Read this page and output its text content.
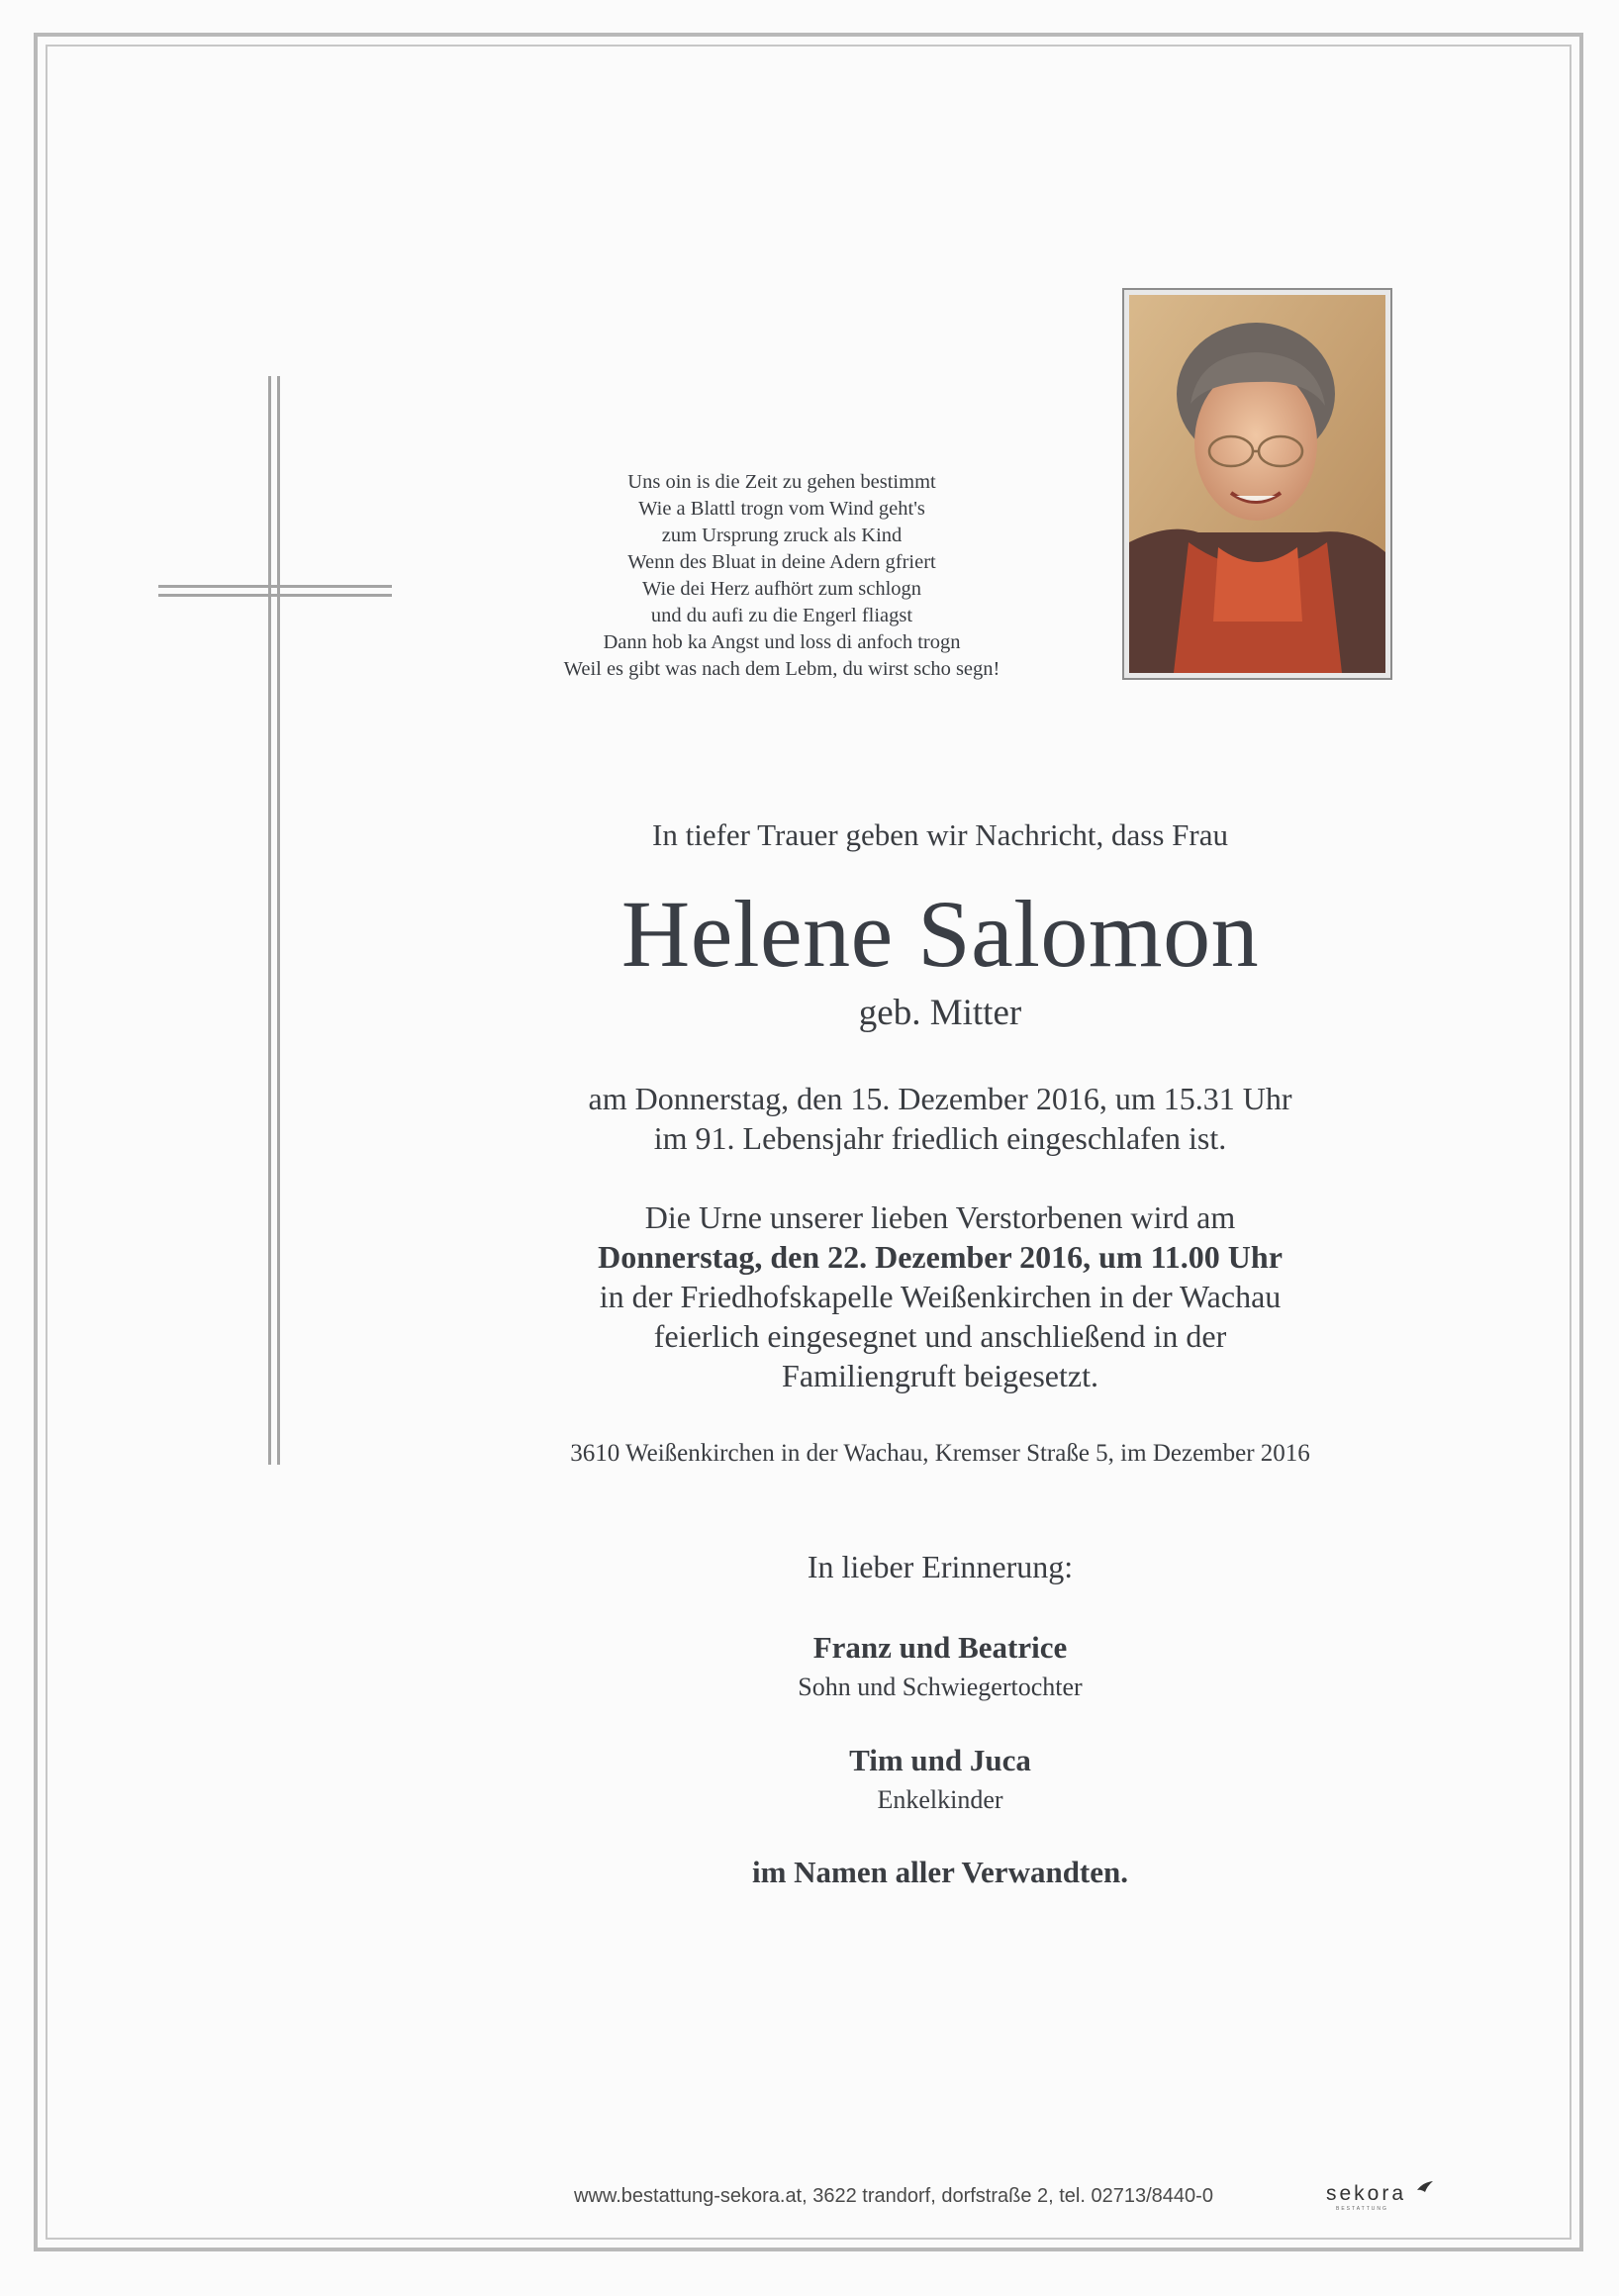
Uns oin is die Zeit zu gehen bestimmt
Wie a Blattl trogn vom Wind geht's
zum Ursprung zruck als Kind
Wenn des Bluat in deine Adern gfriert
Wie dei Herz aufhört zum schlogn
und du aufi zu die Engerl fliagst
Dann hob ka Angst und loss di anfoch trogn
Weil es gibt was nach dem Lebm, du wirst scho segn!
In tiefer Trauer geben wir Nachricht, dass Frau
Helene Salomon
geb. Mitter
am Donnerstag, den 15. Dezember 2016, um 15.31 Uhr
im 91. Lebensjahr friedlich eingeschlafen ist.
Die Urne unserer lieben Verstorbenen wird am
Donnerstag, den 22. Dezember 2016, um 11.00 Uhr
in der Friedhofskapelle Weißenkirchen in der Wachau
feierlich eingesegnet und anschließend in der
Familiengruft beigesetzt.
3610 Weißenkirchen in der Wachau, Kremser Straße 5, im Dezember 2016
In lieber Erinnerung:
Franz und Beatrice
Sohn und Schwiegertochter
Tim und Juca
Enkelkinder
im Namen aller Verwandten.
www.bestattung-sekora.at, 3622 trandorf, dorfstraße 2, tel. 02713/8440-0	sekora
BESTATTUNG
